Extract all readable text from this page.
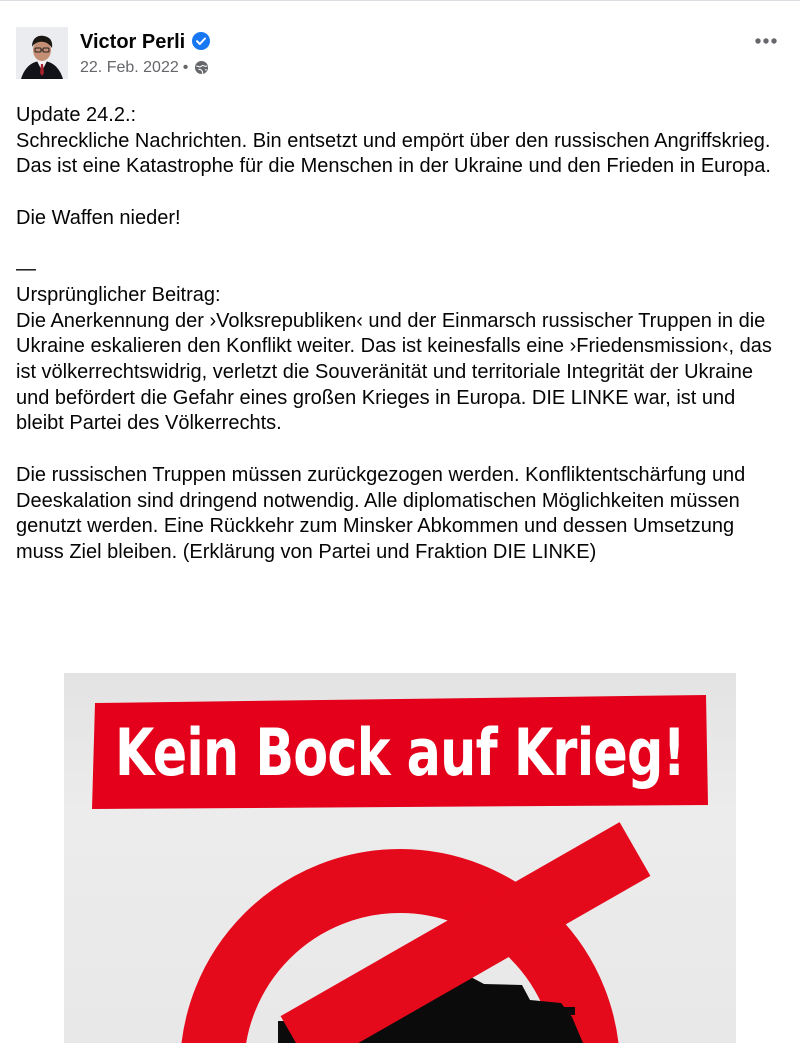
Victor Perli
22. Feb. 2022 •
Update 24.2.:
Schreckliche Nachrichten. Bin entsetzt und empört über den russischen Angriffskrieg. Das ist eine Katastrophe für die Menschen in der Ukraine und den Frieden in Europa.

Die Waffen nieder!

—
Ursprünglicher Beitrag:
Die Anerkennung der ›Volksrepubliken‹ und der Einmarsch russischer Truppen in die Ukraine eskalieren den Konflikt weiter. Das ist keinesfalls eine ›Friedensmission‹, das ist völkerrechtswidrig, verletzt die Souveränität und territoriale Integrität der Ukraine und befördert die Gefahr eines großen Krieges in Europa. DIE LINKE war, ist und bleibt Partei des Völkerrechts.

Die russischen Truppen müssen zurückgezogen werden. Konfliktentschärfung und Deeskalation sind dringend notwendig. Alle diplomatischen Möglichkeiten müssen genutzt werden. Eine Rückkehr zum Minsker Abkommen und dessen Umsetzung muss Ziel bleiben. (Erklärung von Partei und Fraktion DIE LINKE)
Kein Bock auf Krieg!
